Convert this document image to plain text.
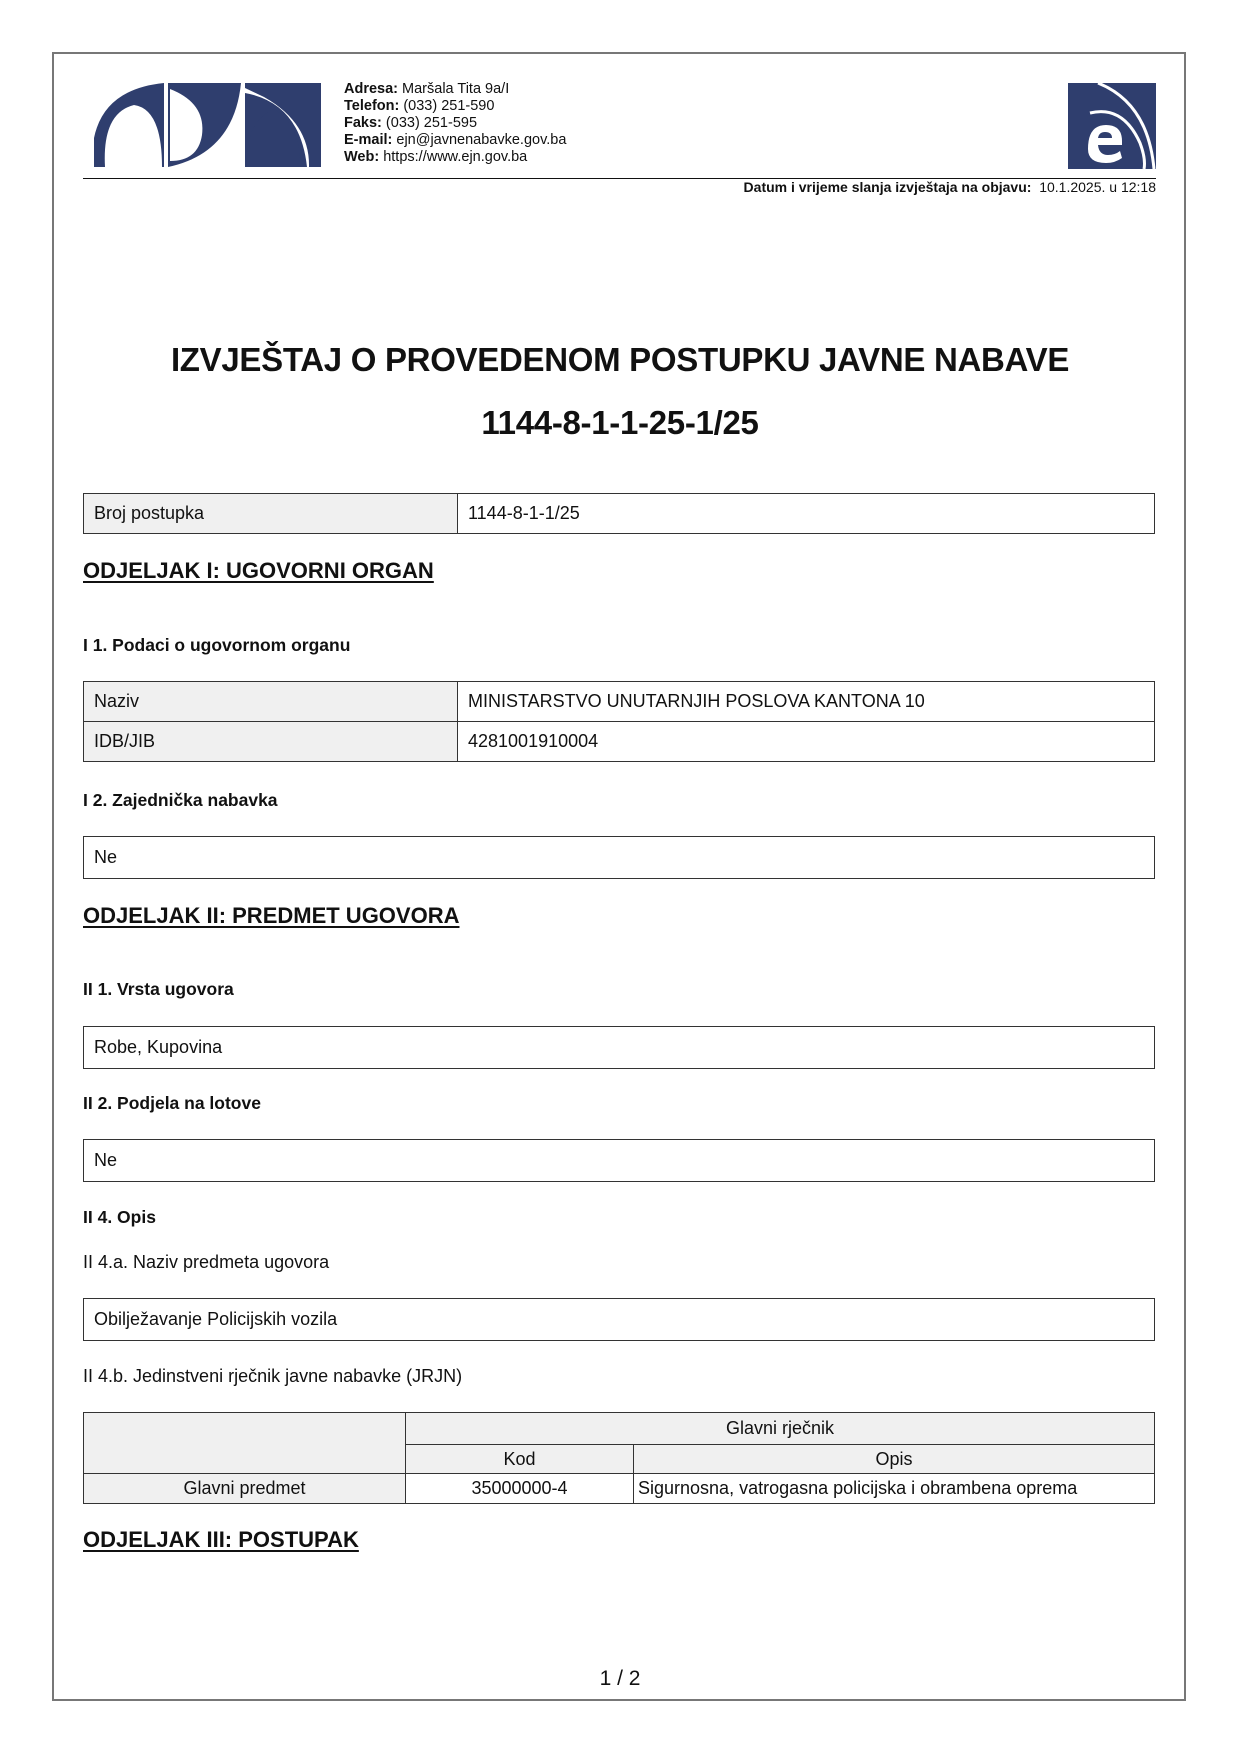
Adresa: Maršala Tita 9a/I
Telefon: (033) 251-590
Faks: (033) 251-595
E-mail: ejn@javnenabavke.gov.ba
Web: https://www.ejn.gov.ba
Datum i vrijeme slanja izvještaja na objavu: 10.1.2025. u 12:18
IZVJEŠTAJ O PROVEDENOM POSTUPKU JAVNE NABAVE
1144-8-1-1-25-1/25
Broj postupka	1144-8-1-1/25
ODJELJAK I: UGOVORNI ORGAN
I 1. Podaci o ugovornom organu
Naziv	MINISTARSTVO UNUTARNJIH POSLOVA KANTONA 10
IDB/JIB	4281001910004
I 2. Zajednička nabavka
Ne
ODJELJAK II: PREDMET UGOVORA
II 1. Vrsta ugovora
Robe, Kupovina
II 2. Podjela na lotove
Ne
II 4. Opis
II 4.a. Naziv predmeta ugovora
Obilježavanje Policijskih vozila
II 4.b. Jedinstveni rječnik javne nabavke (JRJN)
	Glavni rječnik	
	Kod	Opis
Glavni predmet	35000000-4	Sigurnosna, vatrogasna policijska i obrambena oprema
ODJELJAK III: POSTUPAK
1 / 2
